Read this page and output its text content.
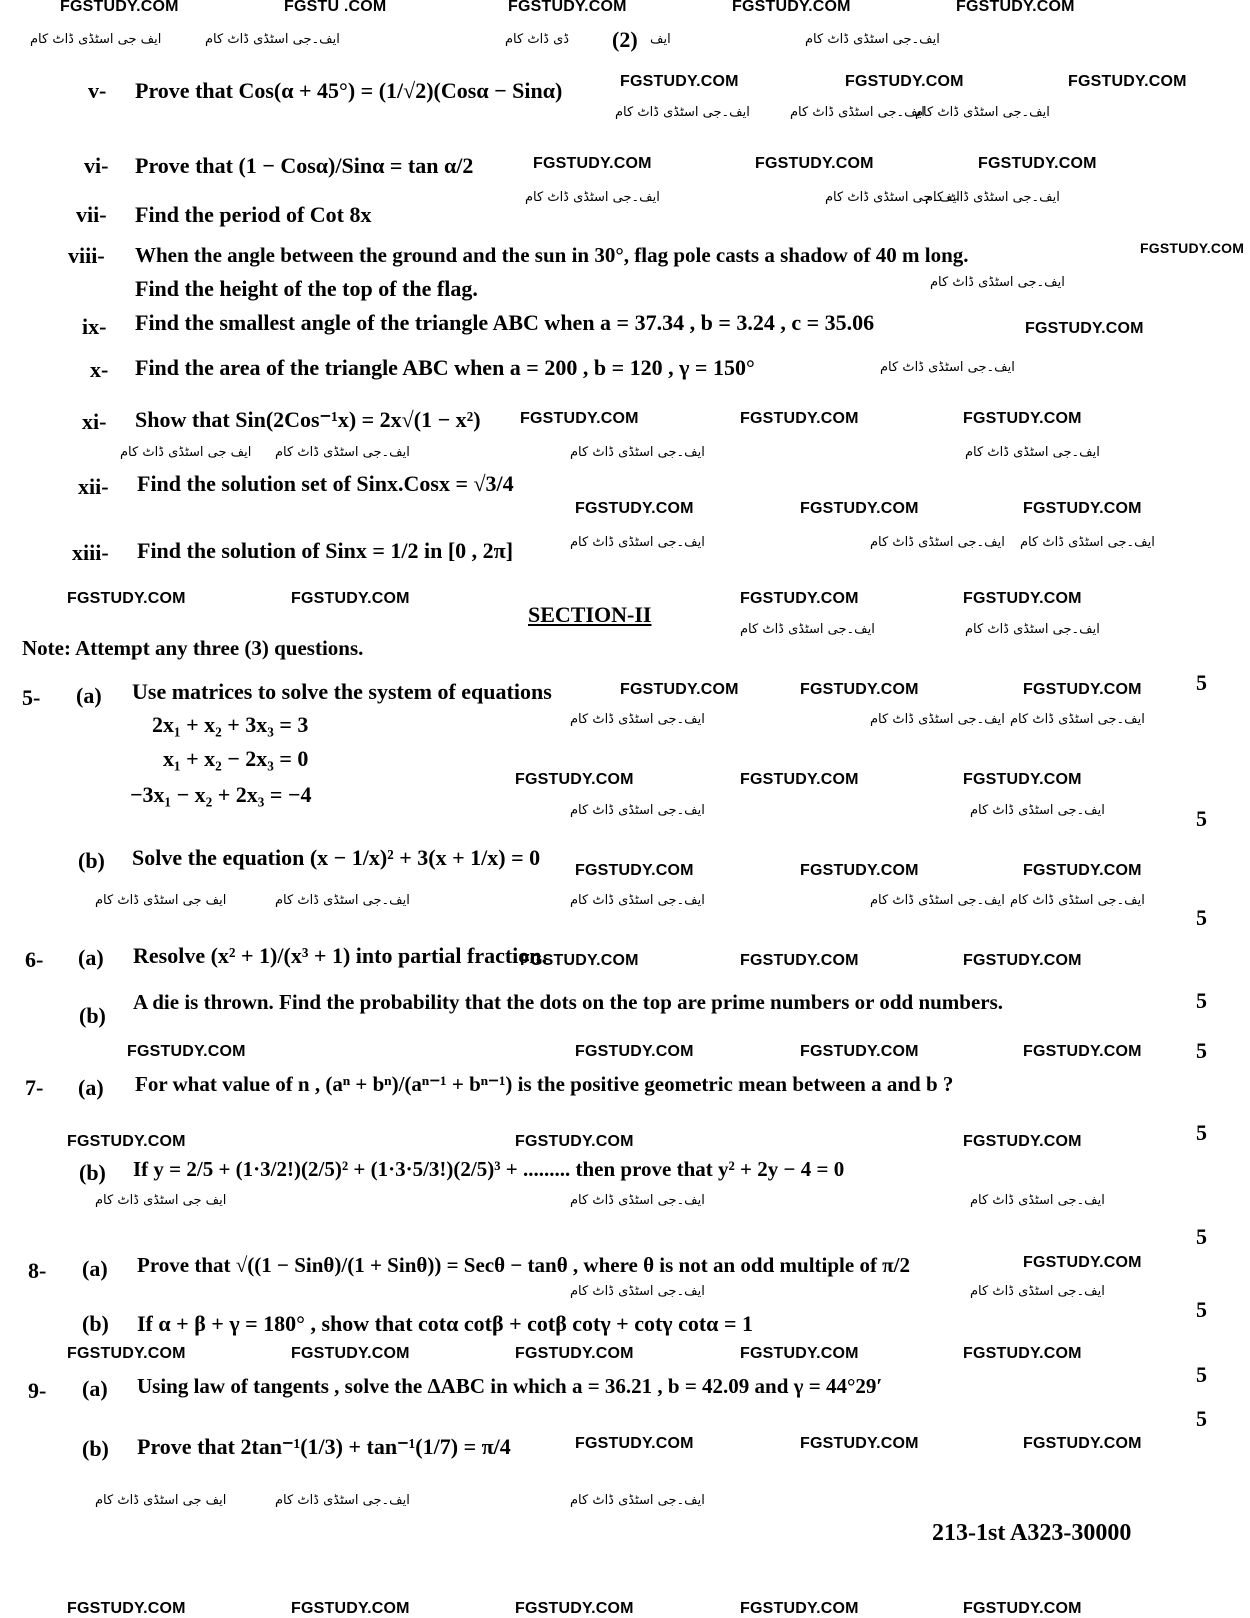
FGSTUDY.COM	FGSTU .COM	FGSTUDY.COM	FGSTUDY.COM	FGSTUDY.COM
ایف جی اسٹڈی ڈاٹ کام	ایف۔جی اسٹڈی ڈاٹ کام	ڈی ڈاٹ کام (2) ایف	ایف۔جی اسٹڈی ڈاٹ کام
FGSTUDY.COM	FGSTUDY.COM	FGSTUDY.COM
ایف۔جی اسٹڈی ڈاٹ کام	ایف۔جی اسٹڈی ڈاٹ کام
ایف۔جی اسٹڈی ڈاٹ کام
FGSTUDY.COM	FGSTUDY.COM	FGSTUDY.COM
ایف۔جی اسٹڈی ڈاٹ کام	ایف۔جی اسٹڈی ڈاٹ کام
ایف۔جی اسٹڈی ڈاٹ کام
FGSTUDY.COM
ایف۔جی اسٹڈی ڈاٹ کام
FGSTUDY.COM
ایف۔جی اسٹڈی ڈاٹ کام
FGSTUDY.COM	FGSTUDY.COM	FGSTUDY.COM
ایف جی اسٹڈی ڈاٹ کام ایف۔جی اسٹڈی ڈاٹ کام	ایف۔جی اسٹڈی ڈاٹ کام	ایف۔جی اسٹڈی ڈاٹ کام
FGSTUDY.COM	FGSTUDY.COM	FGSTUDY.COM
ایف۔جی اسٹڈی ڈاٹ کام	ایف۔جی اسٹڈی ڈاٹ کام ایف۔جی اسٹڈی ڈاٹ کام
FGSTUDY.COM	FGSTUDY.COM	FGSTUDY.COM	FGSTUDY.COM
ایف۔جی اسٹڈی ڈاٹ کام	ایف۔جی اسٹڈی ڈاٹ کام
FGSTUDY.COM	FGSTUDY.COM	FGSTUDY.COM
ایف۔جی اسٹڈی ڈاٹ کام	ایف۔جی اسٹڈی ڈاٹ کام ایف۔جی اسٹڈی ڈاٹ کام
FGSTUDY.COM	FGSTUDY.COM	FGSTUDY.COM
ایف۔جی اسٹڈی ڈاٹ کام	ایف۔جی اسٹڈی ڈاٹ کام
FGSTUDY.COM	FGSTUDY.COM	FGSTUDY.COM
ایف جی اسٹڈی ڈاٹ کام	ایف۔جی اسٹڈی ڈاٹ کام	ایف۔جی اسٹڈی ڈاٹ کام	ایف۔جی اسٹڈی ڈاٹ کام ایف۔جی اسٹڈی ڈاٹ کام
FGSTUDY.COM	FGSTUDY.COM	FGSTUDY.COM
FGSTUDY.COM	FGSTUDY.COM	FGSTUDY.COM	FGSTUDY.COM
FGSTUDY.COM	FGSTUDY.COM	FGSTUDY.COM
ایف جی اسٹڈی ڈاٹ کام	ایف۔جی اسٹڈی ڈاٹ کام	ایف۔جی اسٹڈی ڈاٹ کام
FGSTUDY.COM
ایف۔جی اسٹڈی ڈاٹ کام	ایف۔جی اسٹڈی ڈاٹ کام
FGSTUDY.COM	FGSTUDY.COM	FGSTUDY.COM	FGSTUDY.COM	FGSTUDY.COM
FGSTUDY.COM	FGSTUDY.COM	FGSTUDY.COM
ایف جی اسٹڈی ڈاٹ کام	ایف۔جی اسٹڈی ڈاٹ کام	ایف۔جی اسٹڈی ڈاٹ کام
FGSTUDY.COM	FGSTUDY.COM	FGSTUDY.COM	FGSTUDY.COM	FGSTUDY.COM
v- Prove that Cos(α + 45°) = (1/√2)(Cosα − Sinα)
vi- Prove that (1 − Cosα)/Sinα = tan α/2
vii- Find the period of Cot 8x
viii- When the angle between the ground and the sun in 30°, flag pole casts a shadow of 40 m long.
Find the height of the top of the flag.
ix- Find the smallest angle of the triangle ABC when a = 37.34 , b = 3.24 , c = 35.06
x- Find the area of the triangle ABC when a = 200 , b = 120 , γ = 150°
xi- Show that Sin(2Cos⁻¹x) = 2x√(1 − x²)
xii- Find the solution set of Sinx.Cosx = √3/4
xiii- Find the solution of Sinx = 1/2 in [0 , 2π]
SECTION-II
Note: Attempt any three (3) questions.
5- (a) Use matrices to solve the system of equations
2x₁ + x₂ + 3x₃ = 3
x₁ + x₂ − 2x₃ = 0
−3x₁ − x₂ + 2x₃ = −4
(b) Solve the equation (x − 1/x)² + 3(x + 1/x) = 0
6- (a) Resolve (x² + 1)/(x³ + 1) into partial fraction.
(b)
A die is thrown. Find the probability that the dots on the top are prime numbers or odd numbers.
7- (a) For what value of n , (aⁿ + bⁿ)/(aⁿ⁻¹ + bⁿ⁻¹) is the positive geometric mean between a and b ?
(b) If y = 2/5 + (1·3/2!)(2/5)² + (1·3·5/3!)(2/5)³ + ......... then prove that y² + 2y − 4 = 0
8- (a) Prove that √((1 − Sinθ)/(1 + Sinθ)) = Secθ − tanθ , where θ is not an odd multiple of π/2
(b) If α + β + γ = 180° , show that cotα cotβ + cotβ cotγ + cotγ cotα = 1
9- (a) Using law of tangents , solve the ΔABC in which a = 36.21 , b = 42.09 and γ = 44°29′
(b) Prove that 2tan⁻¹(1/3) + tan⁻¹(1/7) = π/4
5
5
5
5
5
5
5
5
5
5
213-1st A323-30000
